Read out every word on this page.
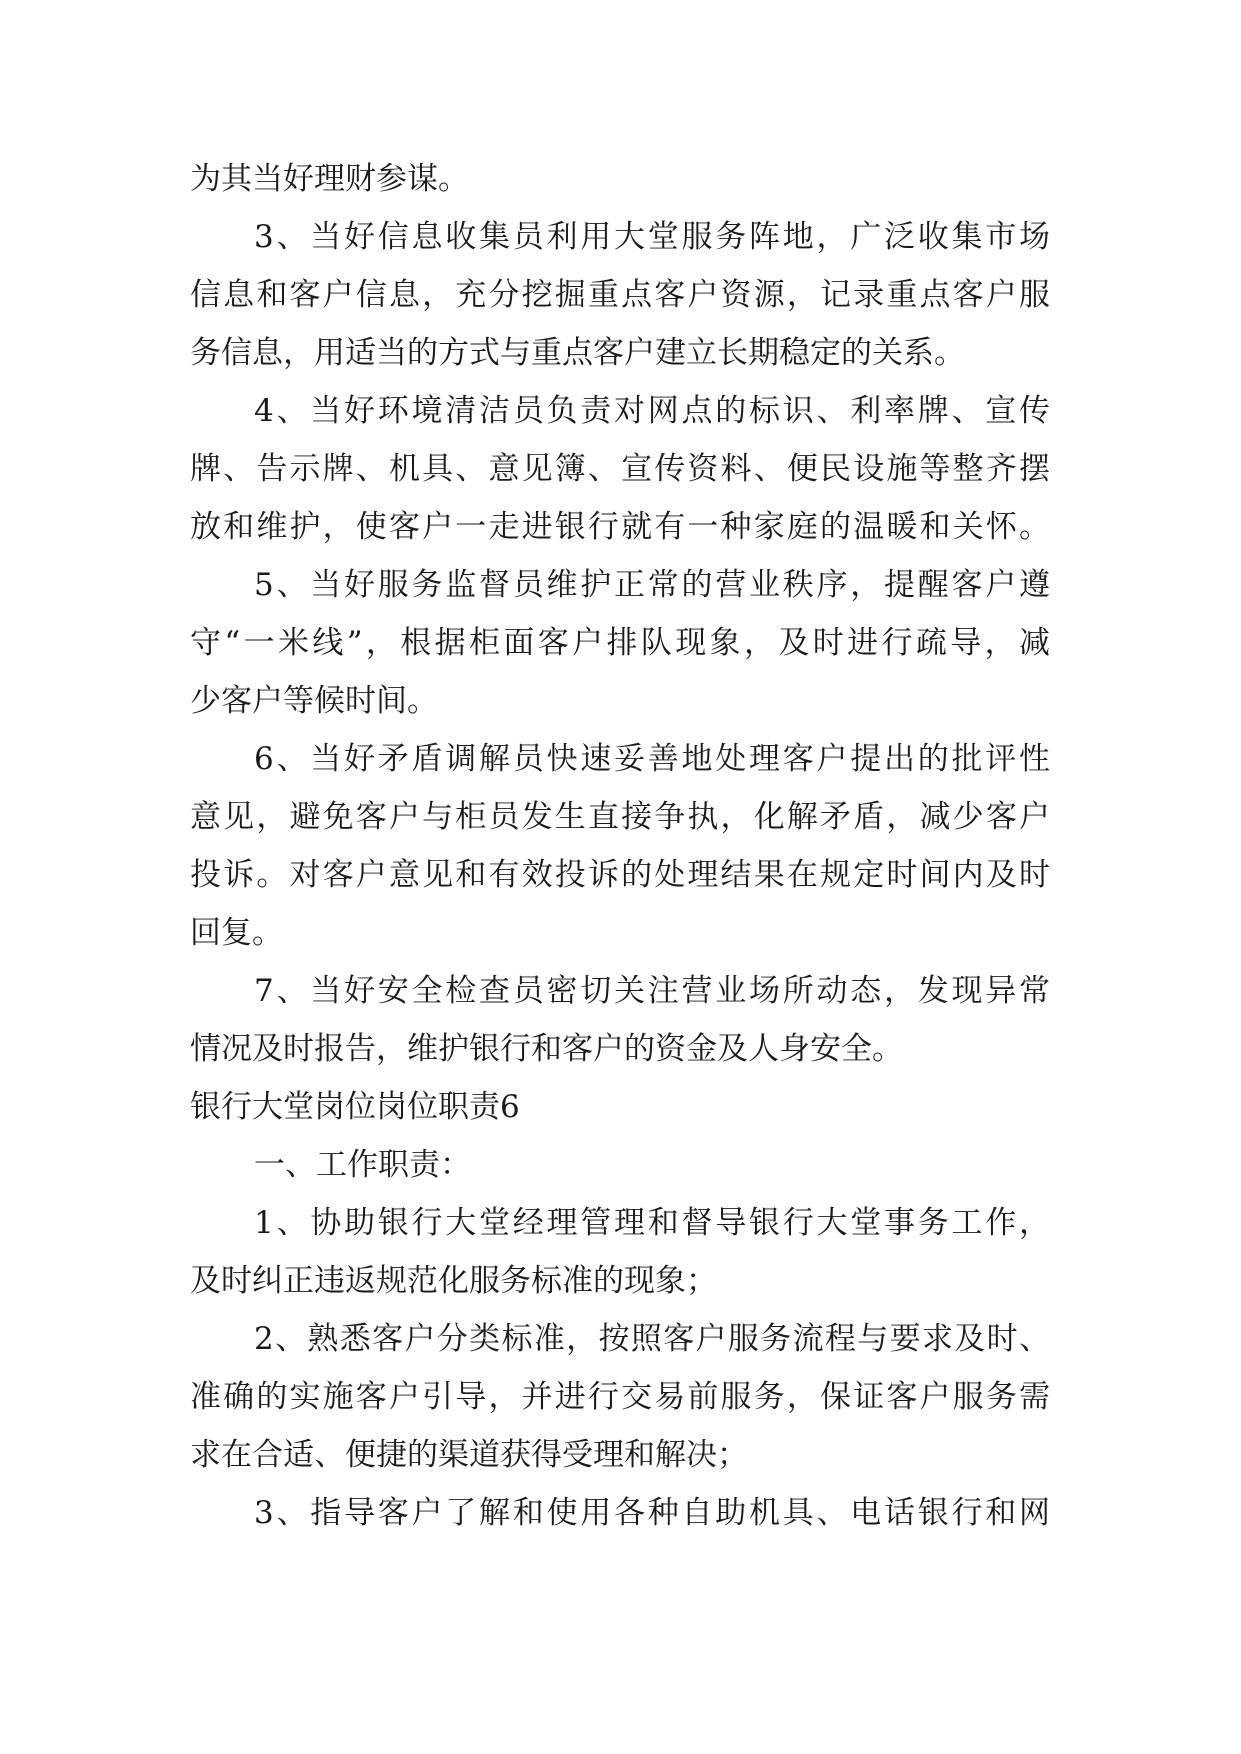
为其当好理财参谋。
3、当好信息收集员利用大堂服务阵地，广泛收集市场
信息和客户信息，充分挖掘重点客户资源，记录重点客户服
务信息，用适当的方式与重点客户建立长期稳定的关系。
4、当好环境清洁员负责对网点的标识、利率牌、宣传
牌、告示牌、机具、意见簿、宣传资料、便民设施等整齐摆
放和维护，使客户一走进银行就有一种家庭的温暖和关怀。
5、当好服务监督员维护正常的营业秩序，提醒客户遵
守“一米线”，根据柜面客户排队现象，及时进行疏导，减
少客户等候时间。
6、当好矛盾调解员快速妥善地处理客户提出的批评性
意见，避免客户与柜员发生直接争执，化解矛盾，减少客户
投诉。对客户意见和有效投诉的处理结果在规定时间内及时
回复。
7、当好安全检查员密切关注营业场所动态，发现异常
情况及时报告，维护银行和客户的资金及人身安全。
银行大堂岗位岗位职责6
一、工作职责：
1、协助银行大堂经理管理和督导银行大堂事务工作，
及时纠正违返规范化服务标准的现象；
2、熟悉客户分类标准，按照客户服务流程与要求及时、
准确的实施客户引导，并进行交易前服务，保证客户服务需
求在合适、便捷的渠道获得受理和解决；
3、指导客户了解和使用各种自助机具、电话银行和网
